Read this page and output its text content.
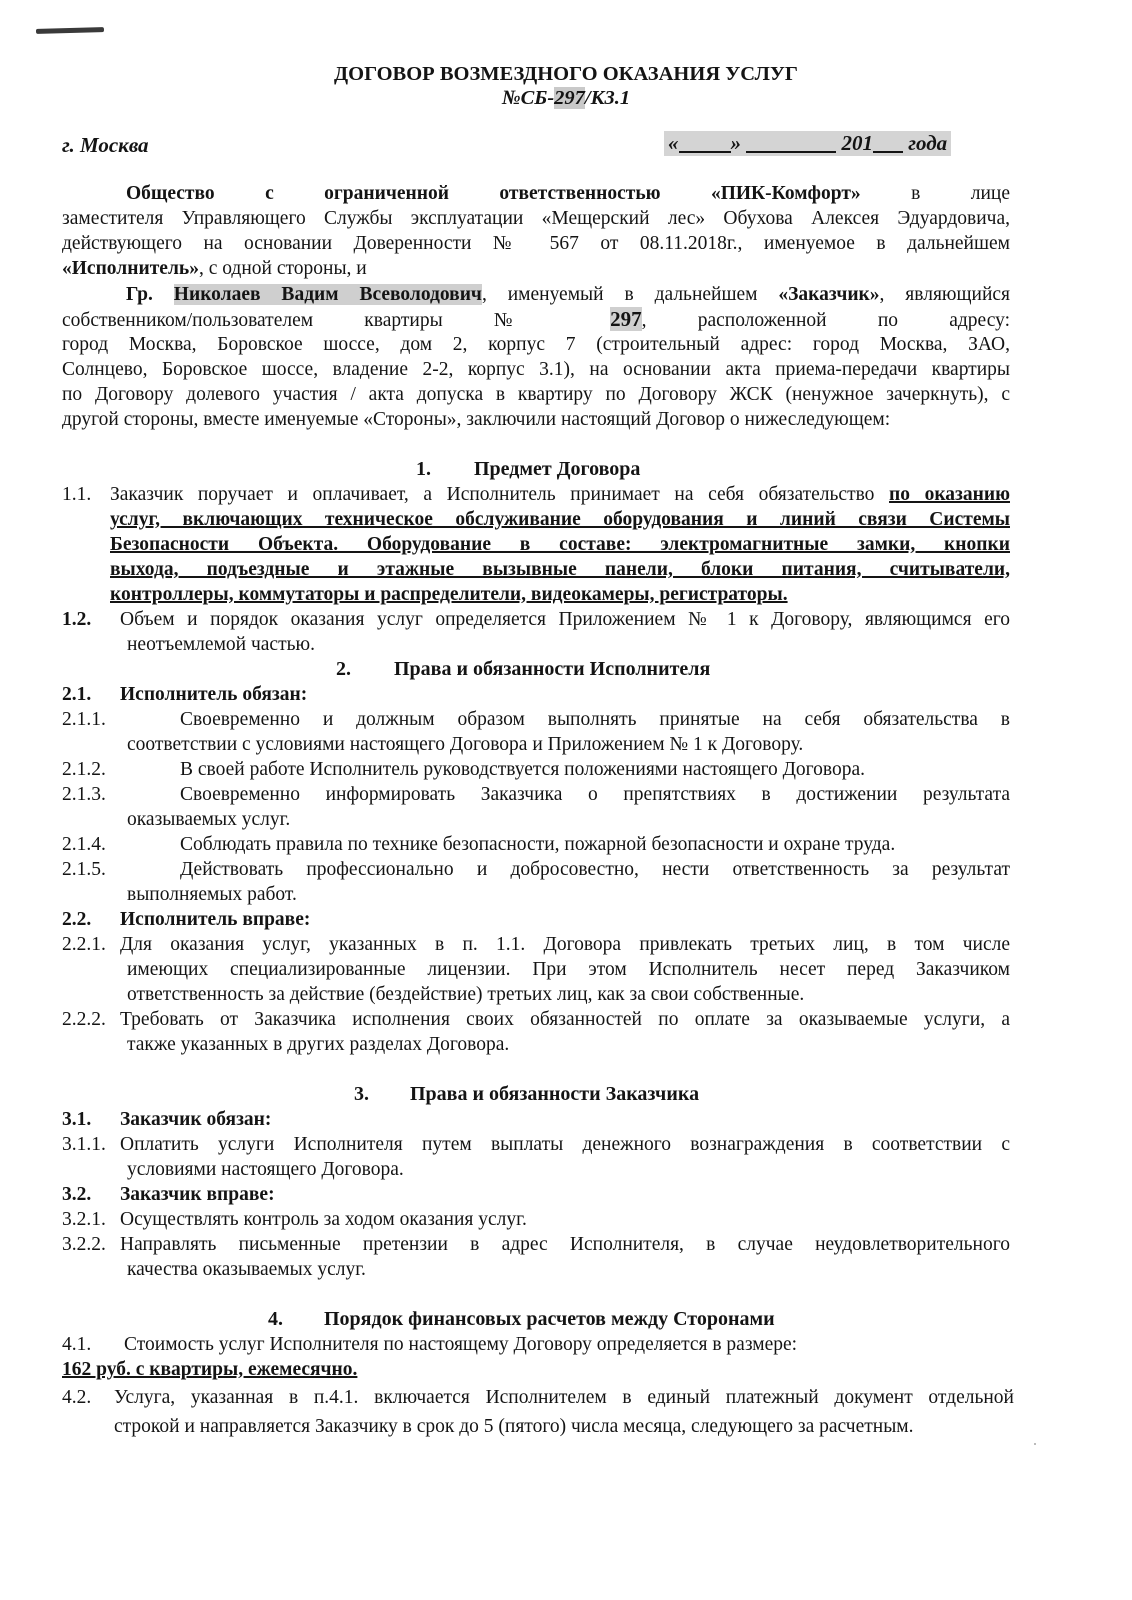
ДОГОВОР ВОЗМЕЗДНОГО ОКАЗАНИЯ УСЛУГ
№СБ-297/К3.1
г. Москва	« »	201 года
Общество с ограниченной ответственностью «ПИК-Комфорт»	в лице
заместителя Управляющего Службы эксплуатации «Мещерский лес» Обухова Алексея Эдуардовича,
действующего на основании Доверенности № 567 от 08.11.2018г., именуемое в дальнейшем
«Исполнитель», с одной стороны, и
Гр. Николаев Вадим Всеволодович, именуемый в дальнейшем «Заказчик», являющийся
собственником/пользователем квартиры № 297, расположенной по адресу:
город Москва, Боровское шоссе, дом 2, корпус 7 (строительный адрес: город Москва, ЗАО,
Солнцево, Боровское шоссе, владение 2-2, корпус 3.1), на основании акта приема-передачи квартиры
по Договору долевого участия / акта допуска в квартиру по Договору ЖСК (ненужное зачеркнуть), с
другой стороны, вместе именуемые «Стороны», заключили настоящий Договор о нижеследующем:
1. Предмет Договора
1.1. Заказчик поручает и оплачивает, а Исполнитель принимает на себя обязательство по оказанию
услуг, включающих техническое обслуживание оборудования и линий связи Системы
Безопасности Объекта. Оборудование в составе: электромагнитные замки, кнопки
выхода, подъездные и этажные вызывные панели, блоки питания, считыватели,
контроллеры, коммутаторы и распределители, видеокамеры, регистраторы.
1.2. Объем и порядок оказания услуг определяется Приложением № 1 к Договору, являющимся его
неотъемлемой частью.
2. Права и обязанности Исполнителя
2.1. Исполнитель обязан:
2.1.1.	Своевременно и должным образом выполнять принятые на себя обязательства в
соответствии с условиями настоящего Договора и Приложением № 1 к Договору.
2.1.2.	В своей работе Исполнитель руководствуется положениями настоящего Договора.
2.1.3.	Своевременно информировать Заказчика о препятствиях в достижении результата
оказываемых услуг.
2.1.4.	Соблюдать правила по технике безопасности, пожарной безопасности и охране труда.
2.1.5.	Действовать профессионально и добросовестно, нести ответственность за результат
выполняемых работ.
2.2. Исполнитель вправе:
2.2.1. Для оказания услуг, указанных в п. 1.1. Договора привлекать третьих лиц, в том числе
имеющих специализированные лицензии. При этом Исполнитель несет перед Заказчиком
ответственность за действие (бездействие) третьих лиц, как за свои собственные.
2.2.2. Требовать от Заказчика исполнения своих обязанностей по оплате за оказываемые услуги, а
также указанных в других разделах Договора.
3. Права и обязанности Заказчика
3.1. Заказчик обязан:
3.1.1. Оплатить услуги Исполнителя путем выплаты денежного вознаграждения в соответствии с
условиями настоящего Договора.
3.2. Заказчик вправе:
3.2.1. Осуществлять контроль за ходом оказания услуг.
3.2.2. Направлять письменные претензии в адрес Исполнителя, в случае неудовлетворительного
качества оказываемых услуг.
4. Порядок финансовых расчетов между Сторонами
4.1. Стоимость услуг Исполнителя по настоящему Договору определяется в размере:
162 руб. с квартиры, ежемесячно.
4.2. Услуга, указанная в п.4.1. включается Исполнителем в единый платежный документ отдельной
строкой и направляется Заказчику в срок до 5 (пятого) числа месяца, следующего за расчетным.
